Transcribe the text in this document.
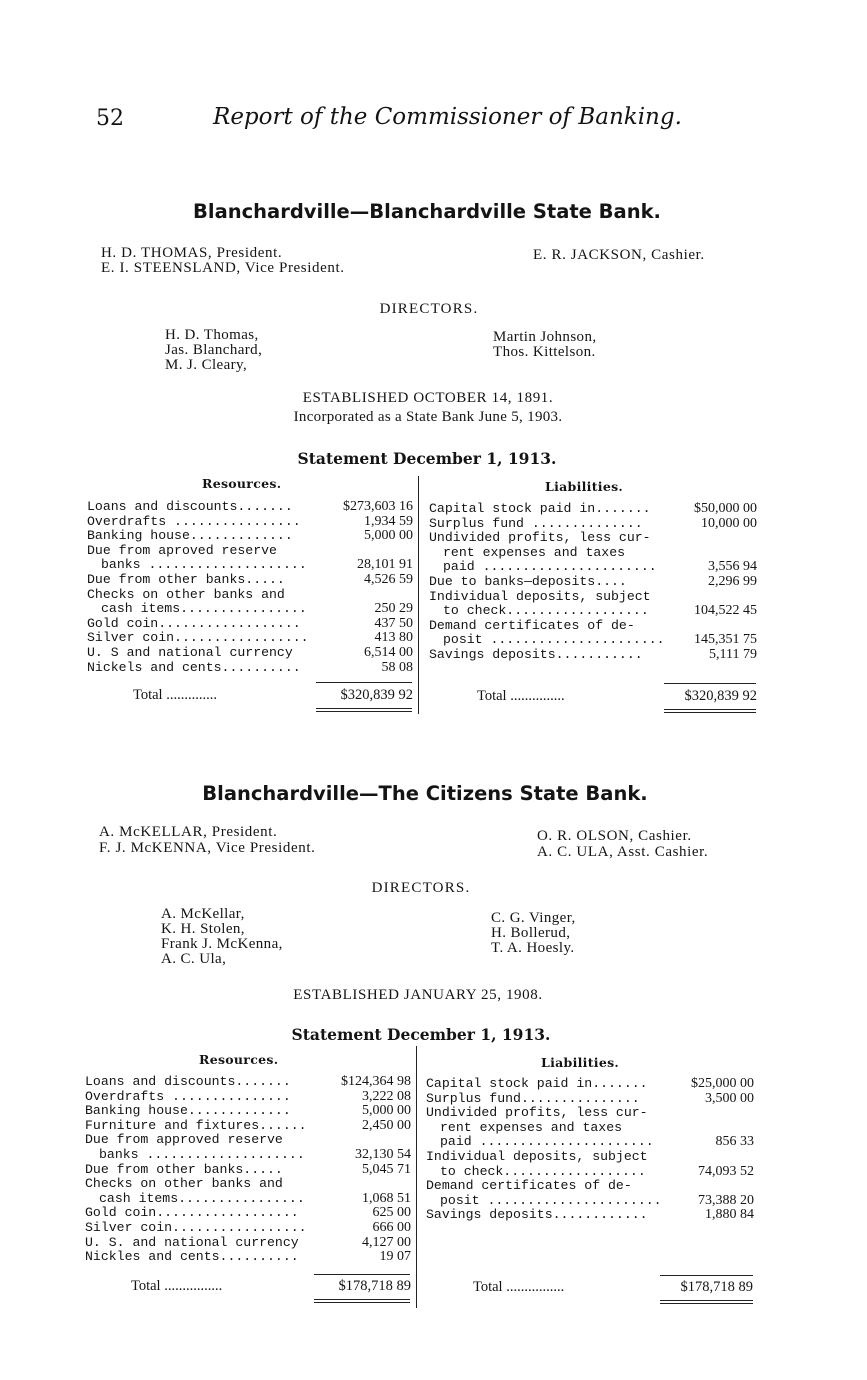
52	Report of the Commissioner of Banking.
Blanchardville—Blanchardville State Bank.
H. D. THOMAS, President.
E. I. STEENSLAND, Vice President.
E. R. JACKSON, Cashier.
DIRECTORS.
H. D. Thomas,
Jas. Blanchard,
M. J. Cleary,
Martin Johnson,
Thos. Kittelson.
ESTABLISHED OCTOBER 14, 1891.
Incorporated as a State Bank June 5, 1903.
Statement December 1, 1913.
Resources.	Liabilities.
Loans and discounts.......	$273,603 16
Overdrafts ................	1,934 59
Banking house.............	5,000 00
Due from aproved reserve
banks ....................	28,101 91
Due from other banks.....	4,526 59
Checks on other banks and
cash items................	250 29
Gold coin..................	437 50
Silver coin.................	413 80
U. S and national currency	6,514 00
Nickels and cents..........	58 08
Total ..............	$320,839 92
Capital stock paid in.......	$50,000 00
Surplus fund ..............	10,000 00
Undivided profits, less cur-
rent expenses and taxes
paid ......................	3,556 94
Due to banks—deposits....	2,296 99
Individual deposits, subject
to check..................	104,522 45
Demand certificates of de-
posit ...................... 145,351 75
Savings deposits...........	5,111 79
Total ...............	$320,839 92
Blanchardville—The Citizens State Bank.
A. McKELLAR, President.
F. J. McKENNA, Vice President.
O. R. OLSON, Cashier.
A. C. ULA, Asst. Cashier.
DIRECTORS.
A. McKellar,
K. H. Stolen,
Frank J. McKenna,
A. C. Ula,
C. G. Vinger,
H. Bollerud,
T. A. Hoesly.
ESTABLISHED JANUARY 25, 1908.
Statement December 1, 1913.
Resources.	Liabilities.
Loans and discounts.......	$124,364 98
Overdrafts ...............	3,222 08
Banking house.............	5,000 00
Furniture and fixtures......	2,450 00
Due from approved reserve
banks ....................	32,130 54
Due from other banks.....	5,045 71
Checks on other banks and
cash items................	1,068 51
Gold coin..................	625 00
Silver coin.................	666 00
U. S. and national currency	4,127 00
Nickles and cents..........	19 07
Total ................	$178,718 89
Capital stock paid in.......	$25,000 00
Surplus fund...............	3,500 00
Undivided profits, less cur-
rent expenses and taxes
paid ......................	856 33
Individual deposits, subject
to check..................	74,093 52
Demand certificates of de-
posit ......................	73,388 20
Savings deposits............	1,880 84
Total ................	$178,718 89
